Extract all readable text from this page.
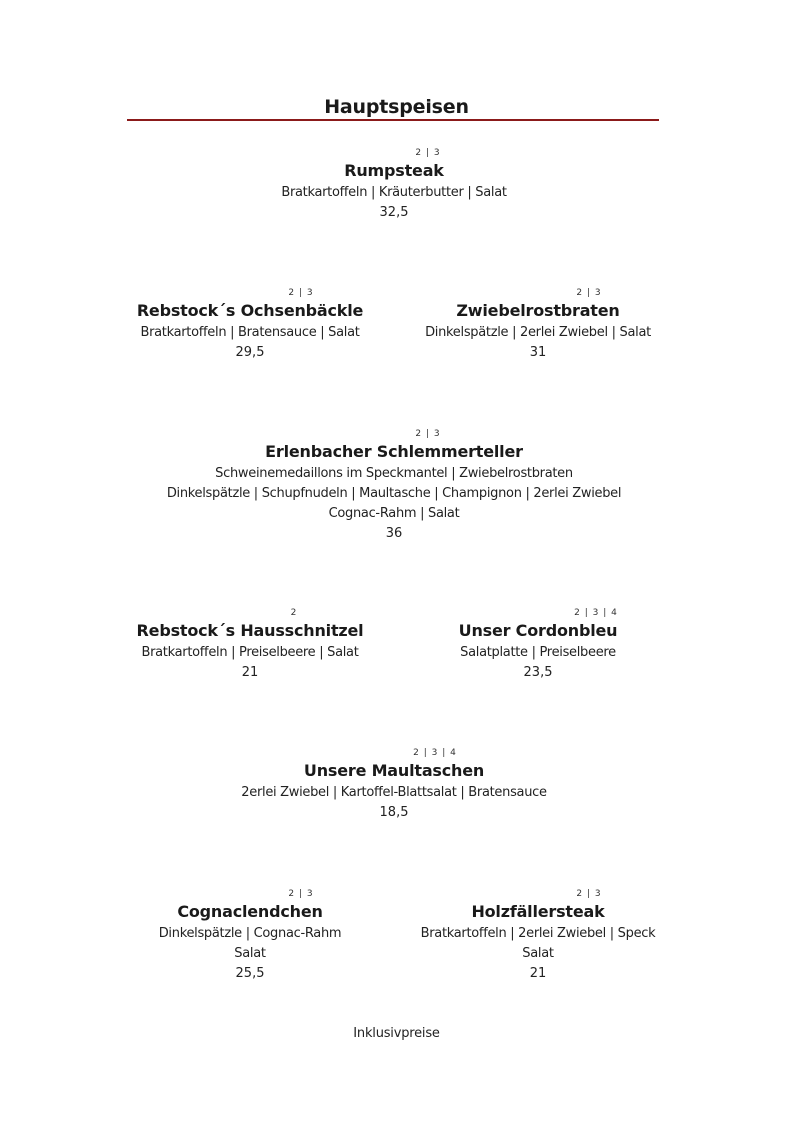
Hauptspeisen
2 | 3
Rumpsteak
Bratkartoffeln | Kräuterbutter | Salat
32,5
2 | 3
Rebstock´s Ochsenbäckle
Bratkartoffeln | Bratensauce | Salat
29,5
2 | 3
Zwiebelrostbraten
Dinkelspätzle | 2erlei Zwiebel | Salat
31
2 | 3
Erlenbacher Schlemmerteller
Schweinemedaillons im Speckmantel | Zwiebelrostbraten
Dinkelspätzle | Schupfnudeln | Maultasche | Champignon | 2erlei Zwiebel
Cognac-Rahm | Salat
36
2
Rebstock´s Hausschnitzel
Bratkartoffeln | Preiselbeere | Salat
21
2 | 3 | 4
Unser Cordonbleu
Salatplatte | Preiselbeere
23,5
2 | 3 | 4
Unsere Maultaschen
2erlei Zwiebel | Kartoffel-Blattsalat | Bratensauce
18,5
2 | 3
Cognaclendchen
Dinkelspätzle | Cognac-Rahm
Salat
25,5
2 | 3
Holzfällersteak
Bratkartoffeln | 2erlei Zwiebel | Speck
Salat
21
Inklusivpreise
